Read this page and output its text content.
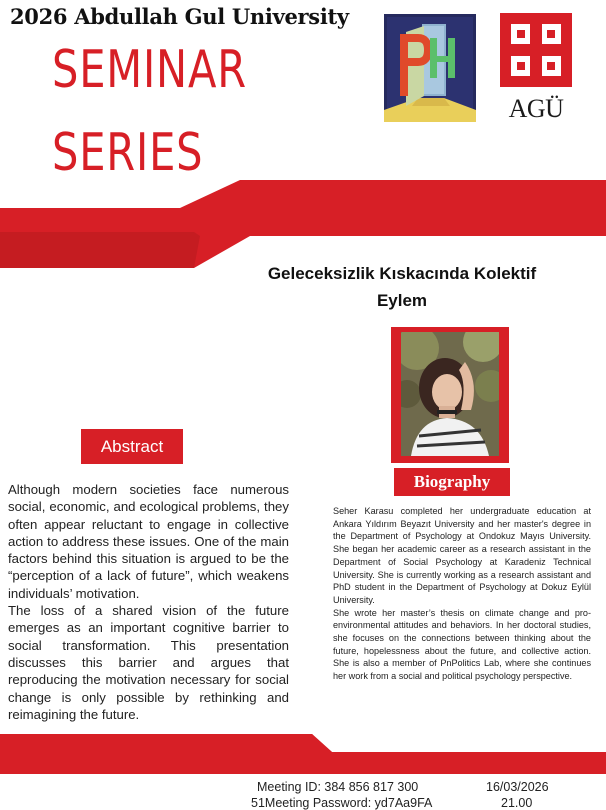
2026 Abdullah Gul University
SEMINAR
SERIES
AGÜ
Geleceksizlik Kıskacında Kolektif
Eylem
Biography
Abstract

Although modern societies face numerous social, economic, and ecological problems, they often appear reluctant to engage in collective action to address these issues. One of the main factors behind this situation is argued to be the “perception of a lack of future”, which weakens individuals’ motivation.

The loss of a shared vision of the future emerges as an important cognitive barrier to social transformation. This presentation discusses this barrier and argues that reproducing the motivation necessary for social change is only possible by rethinking and reimagining the future.

Seher Karasu completed her undergraduate education at Ankara Yıldırım Beyazıt University and her master's degree in the Department of Psychology at Ondokuz Mayıs University. She began her academic career as a research assistant in the Department of Social Psychology at Karadeniz Technical University. She is currently working as a research assistant and PhD student in the Department of Psychology at Dokuz Eylül University.

She wrote her master’s thesis on climate change and pro-environmental attitudes and behaviors. In her doctoral studies, she focuses on the connections between thinking about the future, hopelessness about the future, and collective action. She is also a member of PnPolitics Lab, where she continues her work from a social and political psychology perspective.

Meeting ID: 384 856 817 300
51Meeting Password: yd7Aa9FA
16/03/2026
21.00
